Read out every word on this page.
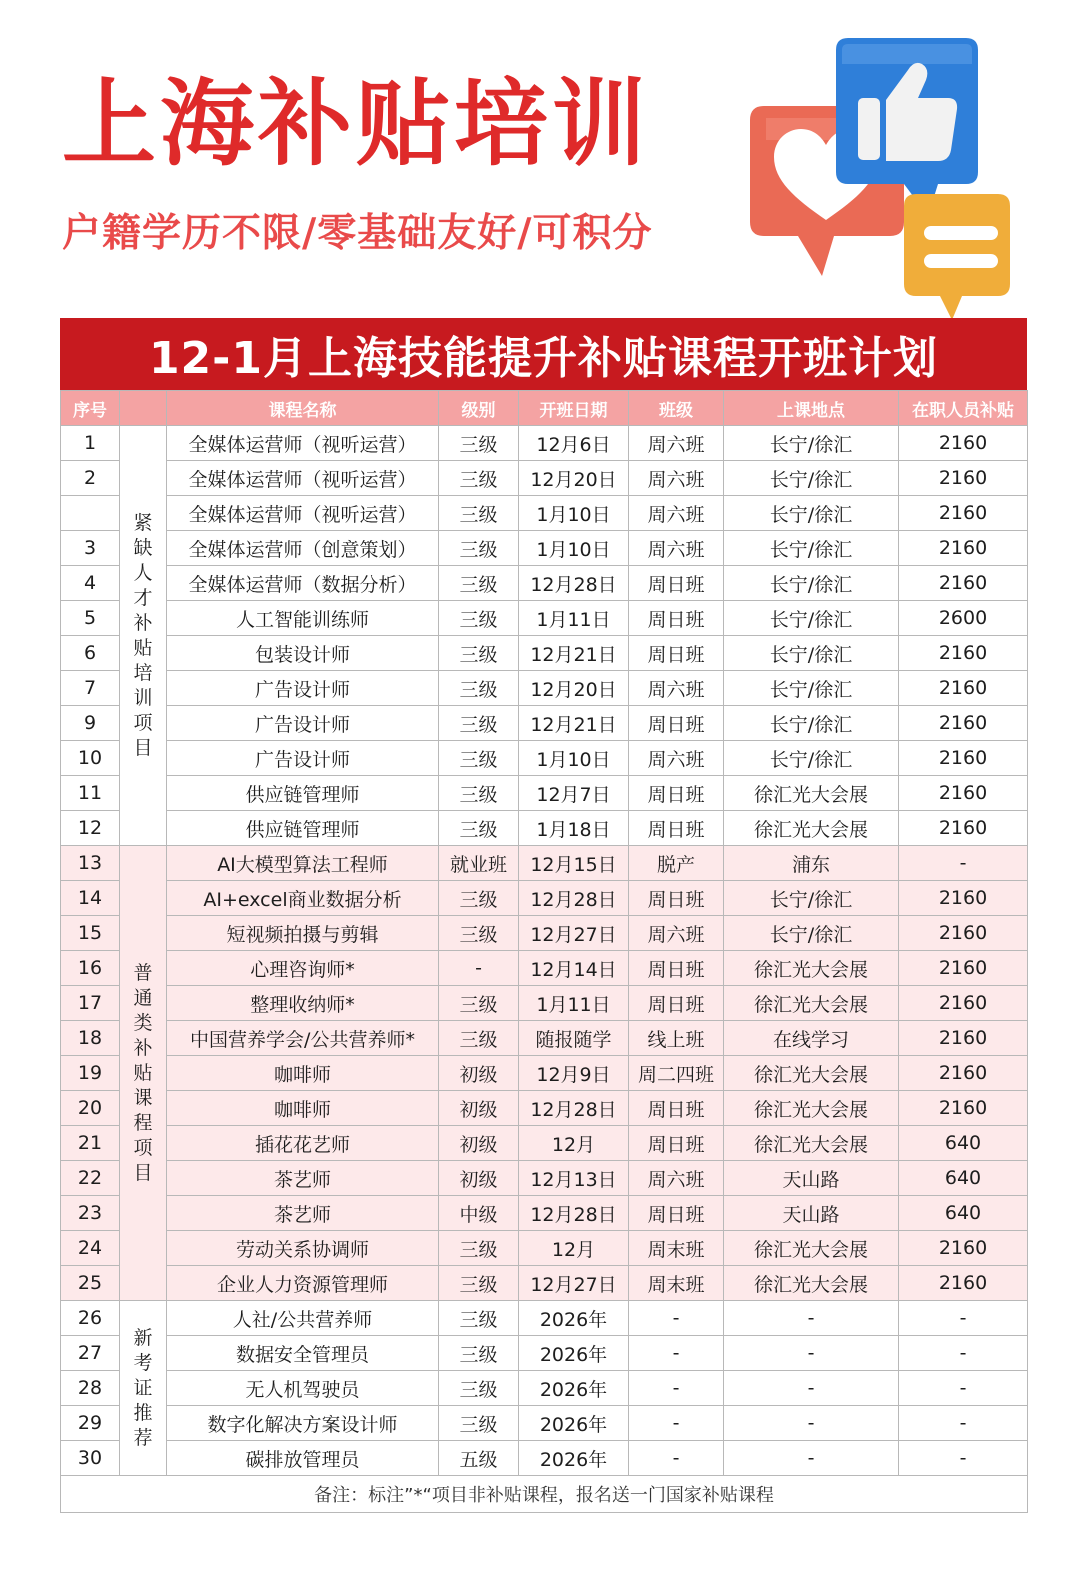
上海补贴培训
户籍学历不限/零基础友好/可积分
12-1月上海技能提升补贴课程开班计划
序号		课程名称	级别	开班日期	班级	上课地点	在职人员补贴
1	紧缺人才补贴培训项目	全媒体运营师（视听运营）	三级	12月6日	周六班	长宁/徐汇	2160
2		全媒体运营师（视听运营）	三级	12月20日	周六班	长宁/徐汇	2160
		全媒体运营师（视听运营）	三级	1月10日	周六班	长宁/徐汇	2160
3		全媒体运营师（创意策划）	三级	1月10日	周六班	长宁/徐汇	2160
4		全媒体运营师（数据分析）	三级	12月28日	周日班	长宁/徐汇	2160
5		人工智能训练师	三级	1月11日	周日班	长宁/徐汇	2600
6		包装设计师	三级	12月21日	周日班	长宁/徐汇	2160
7		广告设计师	三级	12月20日	周六班	长宁/徐汇	2160
9		广告设计师	三级	12月21日	周日班	长宁/徐汇	2160
10		广告设计师	三级	1月10日	周六班	长宁/徐汇	2160
11		供应链管理师	三级	12月7日	周日班	徐汇光大会展	2160
12		供应链管理师	三级	1月18日	周日班	徐汇光大会展	2160
13	普通类补贴课程项目	AI大模型算法工程师	就业班	12月15日	脱产	浦东	-
14		AI+excel商业数据分析	三级	12月28日	周日班	长宁/徐汇	2160
15		短视频拍摄与剪辑	三级	12月27日	周六班	长宁/徐汇	2160
16		心理咨询师*	-	12月14日	周日班	徐汇光大会展	2160
17		整理收纳师*	三级	1月11日	周日班	徐汇光大会展	2160
18		中国营养学会/公共营养师*	三级	随报随学	线上班	在线学习	2160
19		咖啡师	初级	12月9日	周二四班	徐汇光大会展	2160
20		咖啡师	初级	12月28日	周日班	徐汇光大会展	2160
21		插花花艺师	初级	12月	周日班	徐汇光大会展	640
22		茶艺师	初级	12月13日	周六班	天山路	640
23		茶艺师	中级	12月28日	周日班	天山路	640
24		劳动关系协调师	三级	12月	周末班	徐汇光大会展	2160
25		企业人力资源管理师	三级	12月27日	周末班	徐汇光大会展	2160
26	新考证推荐	人社/公共营养师	三级	2026年	-	-	-
27		数据安全管理员	三级	2026年	-	-	-
28		无人机驾驶员	三级	2026年	-	-	-
29		数字化解决方案设计师	三级	2026年	-	-	-
30		碳排放管理员	五级	2026年	-	-	-
备注：标注”*“项目非补贴课程，报名送一门国家补贴课程							
